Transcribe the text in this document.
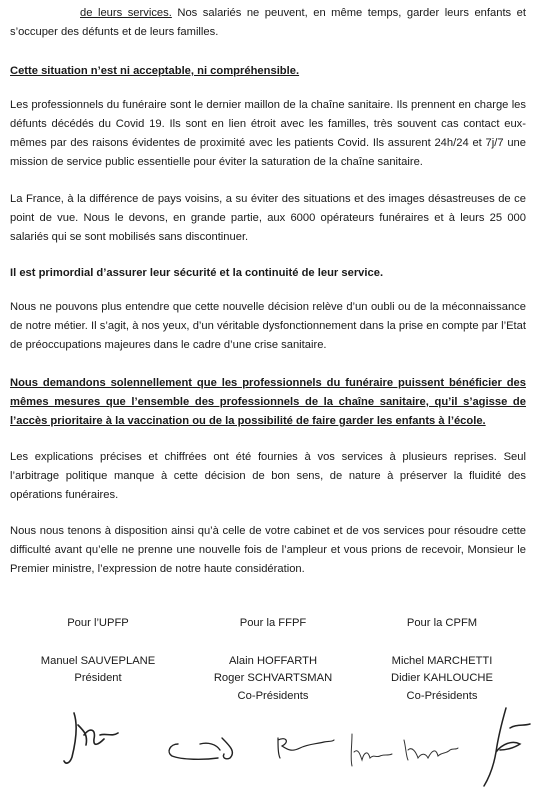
de leurs services. Nos salariés ne peuvent, en même temps, garder leurs enfants et s’occuper des défunts et de leurs familles.
Cette situation n’est ni acceptable, ni compréhensible.
Les professionnels du funéraire sont le dernier maillon de la chaîne sanitaire. Ils prennent en charge les défunts décédés du Covid 19. Ils sont en lien étroit avec les familles, très souvent cas contact eux-mêmes par des raisons évidentes de proximité avec les patients Covid. Ils assurent 24h/24 et 7j/7 une mission de service public essentielle pour éviter la saturation de la chaîne sanitaire.
La France, à la différence de pays voisins, a su éviter des situations et des images désastreuses de ce point de vue. Nous le devons, en grande partie, aux 6000 opérateurs funéraires et à leurs 25 000 salariés qui se sont mobilisés sans discontinuer.
Il est primordial d’assurer leur sécurité et la continuité de leur service.
Nous ne pouvons plus entendre que cette nouvelle décision relève d’un oubli ou de la méconnaissance de notre métier. Il s’agit, à nos yeux, d’un véritable dysfonctionnement dans la prise en compte par l’Etat de préoccupations majeures dans le cadre d’une crise sanitaire.
Nous demandons solennellement que les professionnels du funéraire puissent bénéficier des mêmes mesures que l’ensemble des professionnels de la chaîne sanitaire, qu’il s’agisse de l’accès prioritaire à la vaccination ou de la possibilité de faire garder les enfants à l’école.
Les explications précises et chiffrées ont été fournies à vos services à plusieurs reprises. Seul l’arbitrage politique manque à cette décision de bon sens, de nature à préserver la fluidité des opérations funéraires.
Nous nous tenons à disposition ainsi qu’à celle de votre cabinet et de vos services pour résoudre cette difficulté avant qu’elle ne prenne une nouvelle fois de l’ampleur et vous prions de recevoir, Monsieur le Premier ministre, l’expression de notre haute considération.
Pour l’UPFP
Manuel SAUVEPLANE
Président
Pour la FFPF
Alain HOFFARTH
Roger SCHVARTSMAN
Co-Présidents
Pour la CPFM
Michel MARCHETTI
Didier KAHLOUCHE
Co-Présidents
